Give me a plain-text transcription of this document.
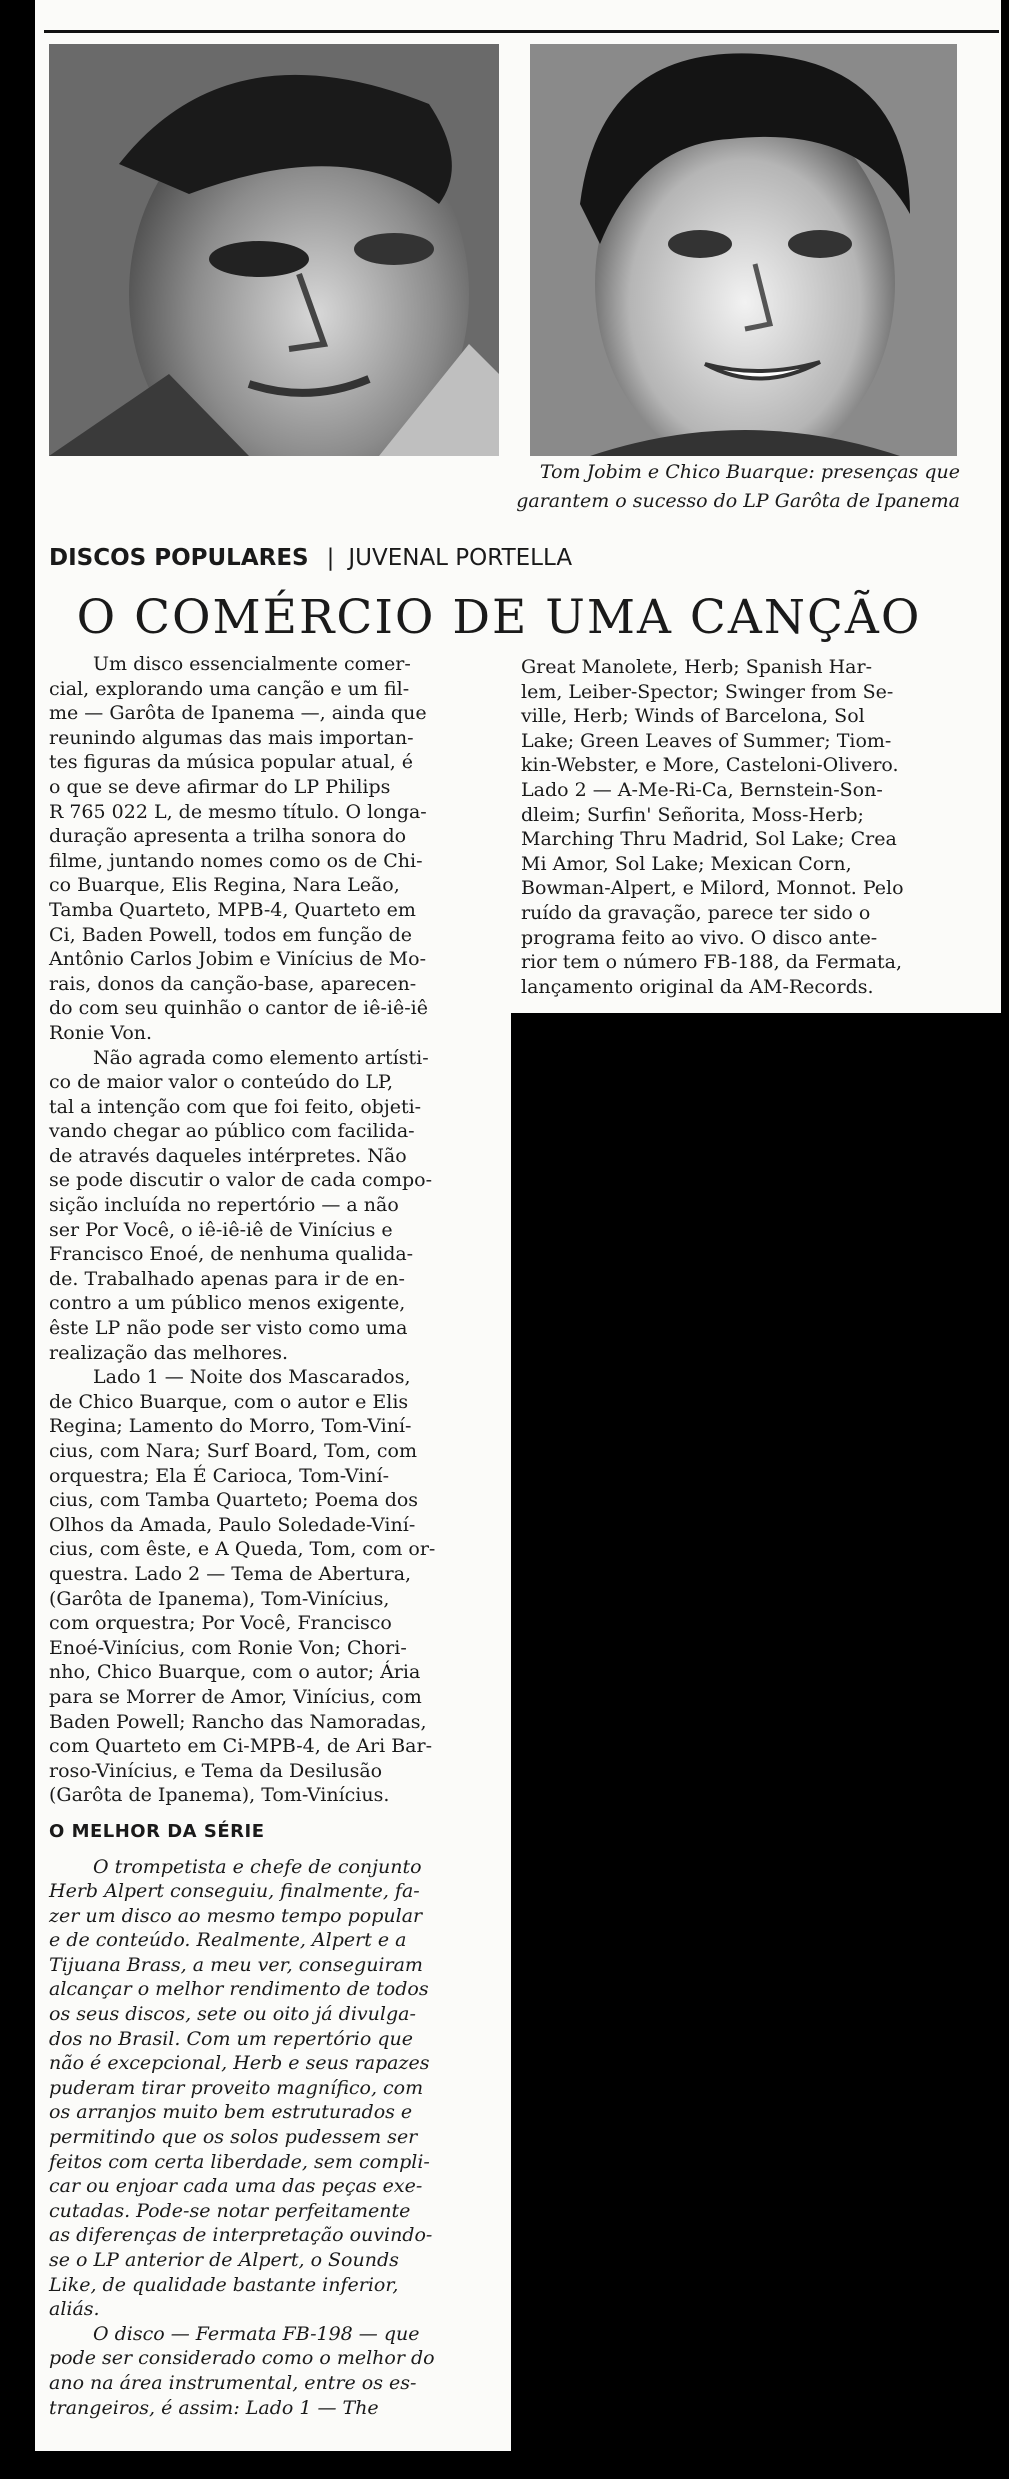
Tom Jobim e Chico Buarque: presenças que
garantem o sucesso do LP Garôta de Ipanema
DISCOS POPULARES | JUVENAL PORTELLA
O COMÉRCIO DE UMA CANÇÃO
Um disco essencialmente comer-
cial, explorando uma canção e um fil-
me — Garôta de Ipanema —, ainda que
reunindo algumas das mais importan-
tes figuras da música popular atual, é
o que se deve afirmar do LP Philips
R 765 022 L, de mesmo título. O longa-
duração apresenta a trilha sonora do
filme, juntando nomes como os de Chi-
co Buarque, Elis Regina, Nara Leão,
Tamba Quarteto, MPB-4, Quarteto em
Ci, Baden Powell, todos em função de
Antônio Carlos Jobim e Vinícius de Mo-
rais, donos da canção-base, aparecen-
do com seu quinhão o cantor de iê-iê-iê
Ronie Von.
Não agrada como elemento artísti-
co de maior valor o conteúdo do LP,
tal a intenção com que foi feito, objeti-
vando chegar ao público com facilida-
de através daqueles intérpretes. Não
se pode discutir o valor de cada compo-
sição incluída no repertório — a não
ser Por Você, o iê-iê-iê de Vinícius e
Francisco Enoé, de nenhuma qualida-
de. Trabalhado apenas para ir de en-
contro a um público menos exigente,
êste LP não pode ser visto como uma
realização das melhores.
Lado 1 — Noite dos Mascarados,
de Chico Buarque, com o autor e Elis
Regina; Lamento do Morro, Tom-Viní-
cius, com Nara; Surf Board, Tom, com
orquestra; Ela É Carioca, Tom-Viní-
cius, com Tamba Quarteto; Poema dos
Olhos da Amada, Paulo Soledade-Viní-
cius, com êste, e A Queda, Tom, com or-
questra. Lado 2 — Tema de Abertura,
(Garôta de Ipanema), Tom-Vinícius,
com orquestra; Por Você, Francisco
Enoé-Vinícius, com Ronie Von; Chori-
nho, Chico Buarque, com o autor; Ária
para se Morrer de Amor, Vinícius, com
Baden Powell; Rancho das Namoradas,
com Quarteto em Ci-MPB-4, de Ari Bar-
roso-Vinícius, e Tema da Desilusão
(Garôta de Ipanema), Tom-Vinícius.
O MELHOR DA SÉRIE
O trompetista e chefe de conjunto
Herb Alpert conseguiu, finalmente, fa-
zer um disco ao mesmo tempo popular
e de conteúdo. Realmente, Alpert e a
Tijuana Brass, a meu ver, conseguiram
alcançar o melhor rendimento de todos
os seus discos, sete ou oito já divulga-
dos no Brasil. Com um repertório que
não é excepcional, Herb e seus rapazes
puderam tirar proveito magnífico, com
os arranjos muito bem estruturados e
permitindo que os solos pudessem ser
feitos com certa liberdade, sem compli-
car ou enjoar cada uma das peças exe-
cutadas. Pode-se notar perfeitamente
as diferenças de interpretação ouvindo-
se o LP anterior de Alpert, o Sounds
Like, de qualidade bastante inferior,
aliás.
O disco — Fermata FB-198 — que
pode ser considerado como o melhor do
ano na área instrumental, entre os es-
trangeiros, é assim: Lado 1 — The
Great Manolete, Herb; Spanish Har-
lem, Leiber-Spector; Swinger from Se-
ville, Herb; Winds of Barcelona, Sol
Lake; Green Leaves of Summer; Tiom-
kin-Webster, e More, Casteloni-Olivero.
Lado 2 — A-Me-Ri-Ca, Bernstein-Son-
dleim; Surfin' Señorita, Moss-Herb;
Marching Thru Madrid, Sol Lake; Crea
Mi Amor, Sol Lake; Mexican Corn,
Bowman-Alpert, e Milord, Monnot. Pelo
ruído da gravação, parece ter sido o
programa feito ao vivo. O disco ante-
rior tem o número FB-188, da Fermata,
lançamento original da AM-Records.
